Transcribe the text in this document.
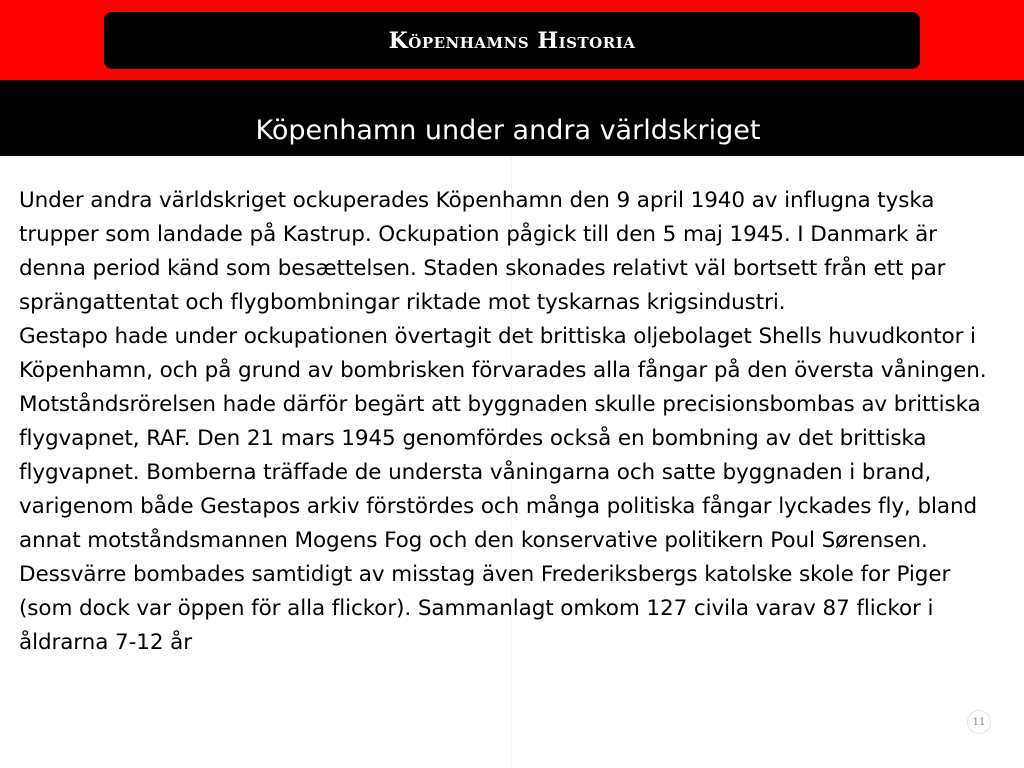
Köpenhamns Historia
Köpenhamn under andra världskriget

Under andra världskriget ockuperades Köpenhamn den 9 april 1940 av influgna tyska trupper som landade på Kastrup. Ockupation pågick till den 5 maj 1945. I Danmark är denna period känd som besættelsen. Staden skonades relativt väl bortsett från ett par sprängattentat och flygbombningar riktade mot tyskarnas krigsindustri.

Gestapo hade under ockupationen övertagit det brittiska oljebolaget Shells huvudkontor i Köpenhamn, och på grund av bombrisken förvarades alla fångar på den översta våningen. Motståndsrörelsen hade därför begärt att byggnaden skulle precisionsbombas av brittiska flygvapnet, RAF. Den 21 mars 1945 genomfördes också en bombning av det brittiska flygvapnet. Bomberna träffade de understa våningarna och satte byggnaden i brand, varigenom både Gestapos arkiv förstördes och många politiska fångar lyckades fly, bland annat motståndsmannen Mogens Fog och den konservative politikern Poul Sørensen. Dessvärre bombades samtidigt av misstag även Frederiksbergs katolske skole for Piger (som dock var öppen för alla flickor). Sammanlagt omkom 127 civila varav 87 flickor i åldrarna 7-12 år

11
